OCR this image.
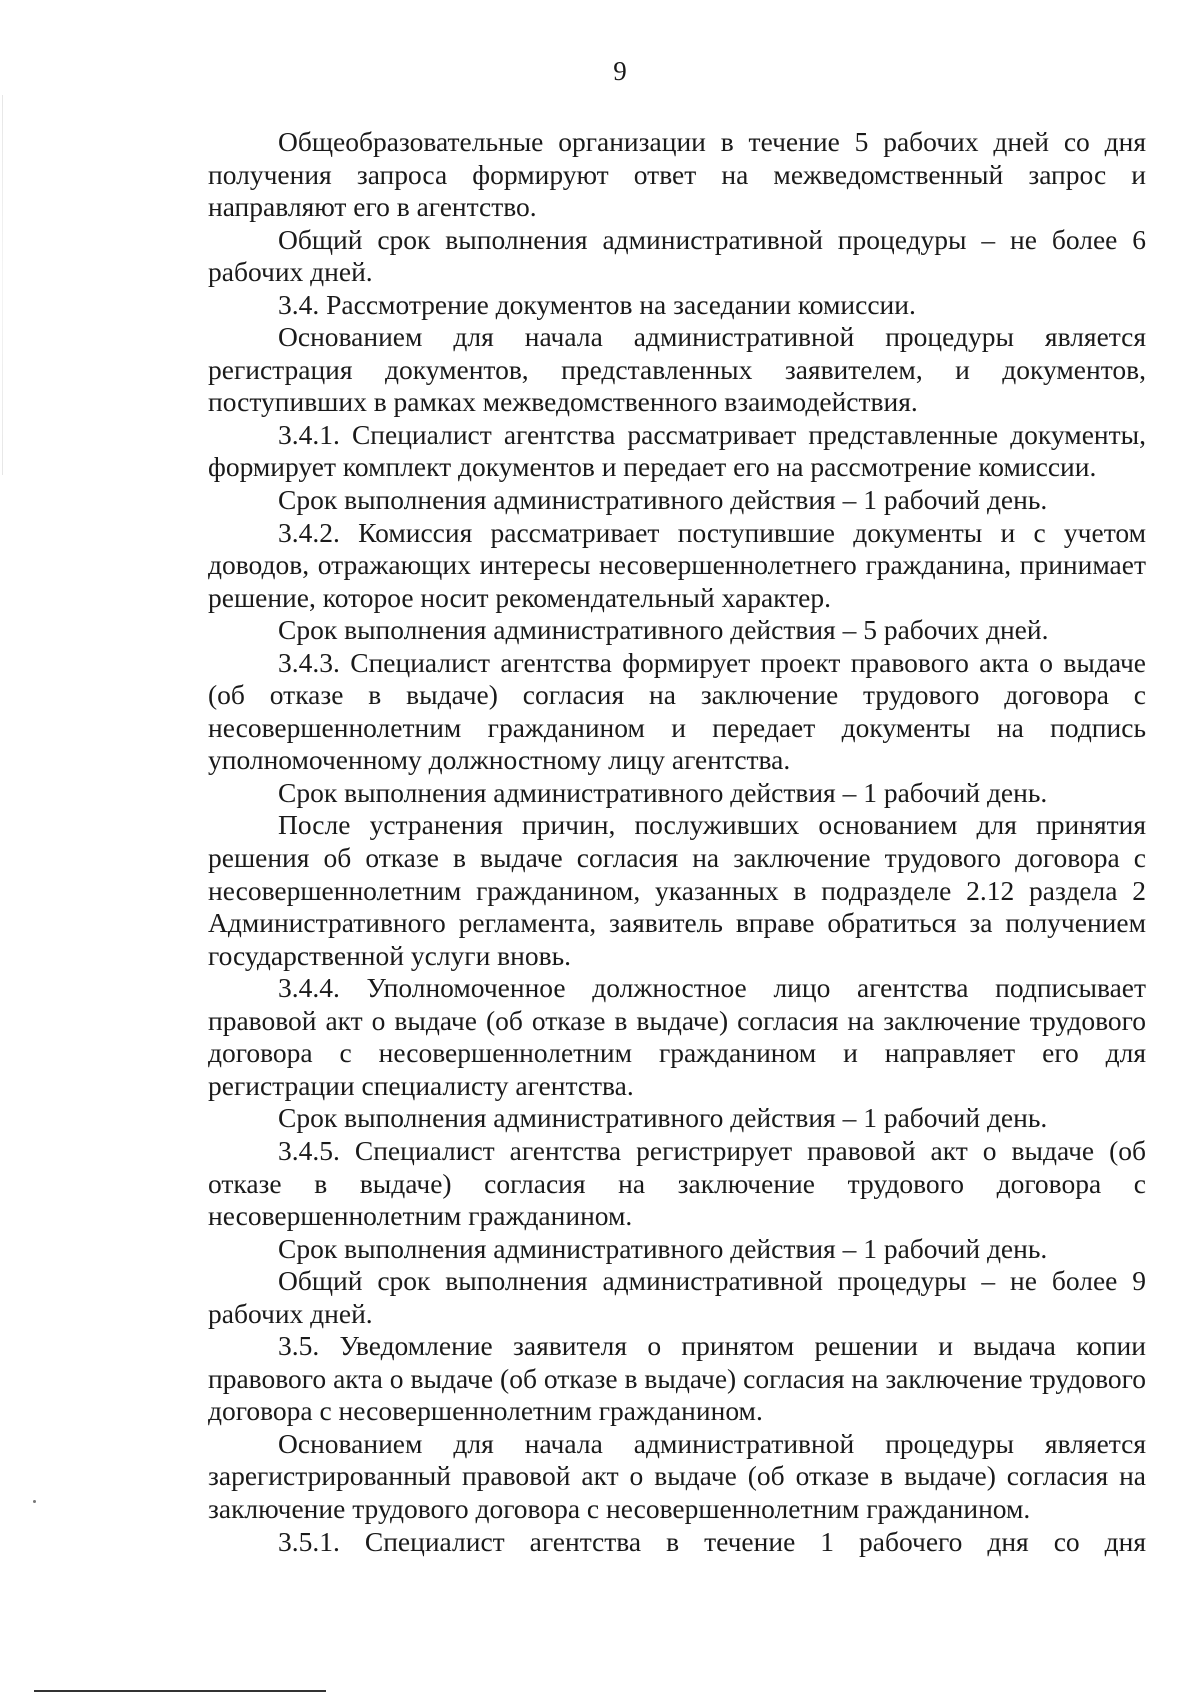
9

Общеобразовательные организации в течение 5 рабочих дней со дня получения запроса формируют ответ на межведомственный запрос и направляют его в агентство.

Общий срок выполнения административной процедуры – не более 6 рабочих дней.

3.4. Рассмотрение документов на заседании комиссии.

Основанием для начала административной процедуры является регистрация документов, представленных заявителем, и документов, поступивших в рамках межведомственного взаимодействия.

3.4.1. Специалист агентства рассматривает представленные документы, формирует комплект документов и передает его на рассмотрение комиссии.

Срок выполнения административного действия – 1 рабочий день.

3.4.2. Комиссия рассматривает поступившие документы и с учетом доводов, отражающих интересы несовершеннолетнего гражданина, принимает решение, которое носит рекомендательный характер.

Срок выполнения административного действия – 5 рабочих дней.

3.4.3. Специалист агентства формирует проект правового акта о выдаче (об отказе в выдаче) согласия на заключение трудового договора с несовершеннолетним гражданином и передает документы на подпись уполномоченному должностному лицу агентства.

Срок выполнения административного действия – 1 рабочий день.

После устранения причин, послуживших основанием для принятия решения об отказе в выдаче согласия на заключение трудового договора с несовершеннолетним гражданином, указанных в подразделе 2.12 раздела 2 Административного регламента, заявитель вправе обратиться за получением государственной услуги вновь.

3.4.4. Уполномоченное должностное лицо агентства подписывает правовой акт о выдаче (об отказе в выдаче) согласия на заключение трудового договора с несовершеннолетним гражданином и направляет его для регистрации специалисту агентства.

Срок выполнения административного действия – 1 рабочий день.

3.4.5. Специалист агентства регистрирует правовой акт о выдаче (об отказе в выдаче) согласия на заключение трудового договора с несовершеннолетним гражданином.

Срок выполнения административного действия – 1 рабочий день.

Общий срок выполнения административной процедуры – не более 9 рабочих дней.

3.5. Уведомление заявителя о принятом решении и выдача копии правового акта о выдаче (об отказе в выдаче) согласия на заключение трудового договора с несовершеннолетним гражданином.

Основанием для начала административной процедуры является зарегистрированный правовой акт о выдаче (об отказе в выдаче) согласия на заключение трудового договора с несовершеннолетним гражданином.

3.5.1. Специалист агентства в течение 1 рабочего дня со дня
